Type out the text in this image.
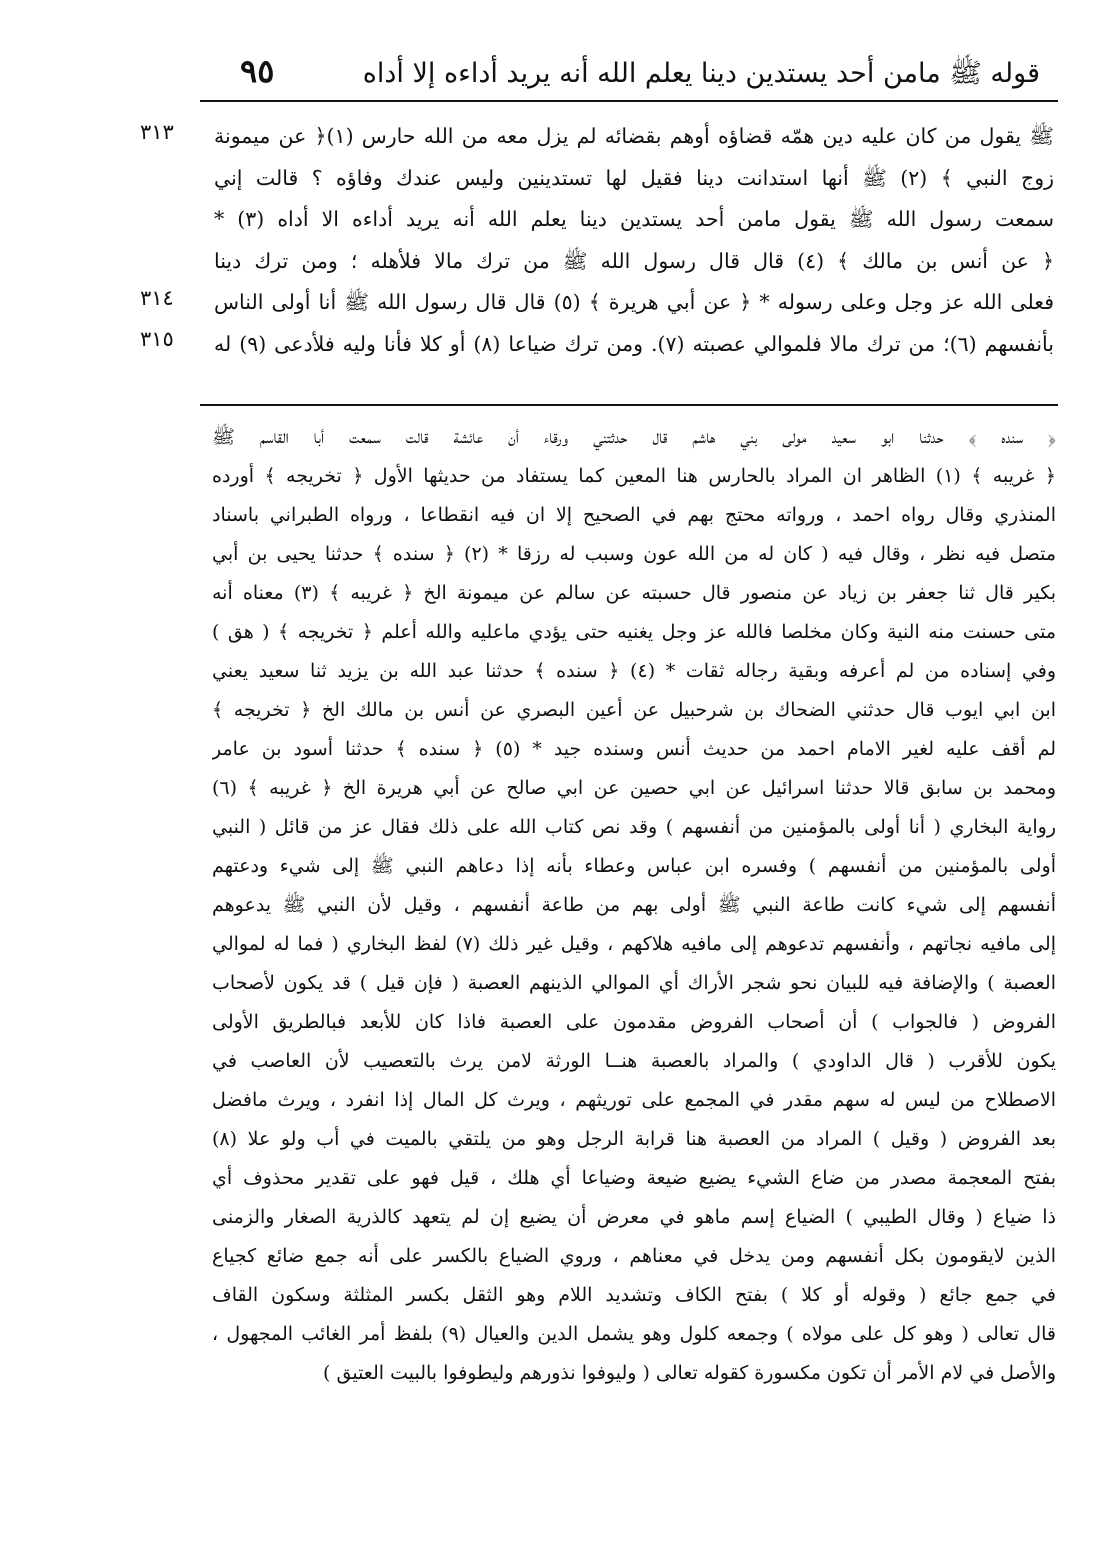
قوله ﷺ مامن أحد يستدين دينا يعلم الله أنه يريد أداءه إلا أداه
٩٥
٣١٣
٣١٤
٣١٥
ﷺ يقول من كان عليه دين همّه قضاؤه أوهم بقضائه لم يزل معه من الله حارس (١)﴿ عن ميمونة
زوج النبي ﴾ (٢) ﷺ أنها استدانت دينا فقيل لها تستدينين وليس عندك وفاؤه ؟ قالت إني
سمعت رسول الله ﷺ يقول مامن أحد يستدين دينا يعلم الله أنه يريد أداءه الا أداه (٣) *
﴿ عن أنس بن مالك ﴾ (٤) قال قال رسول الله ﷺ من ترك مالا فلأهله ؛ ومن ترك دينا
فعلى الله عز وجل وعلى رسوله * ﴿ عن أبي هريرة ﴾ (٥) قال قال رسول الله ﷺ أنا أولى الناس
بأنفسهم (٦)؛ من ترك مالا فلموالي عصبته (٧). ومن ترك ضياعا (٨) أو كلا فأنا وليه فلأدعى (٩) له
﴿ سنده ﴾ حدثنا ابو سعيد مولى بني هاشم قال حدثتني ورقاء أن عائشة قالت سمعت أبا القاسم ﷺ
﴿ غريبه ﴾ (١) الظاهر ان المراد بالحارس هنا المعين كما يستفاد من حديثها الأول ﴿ تخريجه ﴾ أورده
المنذري وقال رواه احمد ، ورواته محتج بهم في الصحيح إلا ان فيه انقطاعا ، ورواه الطبراني باسناد
متصل فيه نظر ، وقال فيه ( كان له من الله عون وسبب له رزقا * (٢) ﴿ سنده ﴾ حدثنا يحيى بن أبي
بكير قال ثنا جعفر بن زياد عن منصور قال حسبته عن سالم عن ميمونة الخ ﴿ غريبه ﴾ (٣) معناه أنه
متى حسنت منه النية وكان مخلصا فالله عز وجل يغنيه حتى يؤدي ماعليه والله أعلم ﴿ تخريجه ﴾ ( هق )
وفي إسناده من لم أعرفه وبقية رجاله ثقات * (٤) ﴿ سنده ﴾ حدثنا عبد الله بن يزيد ثنا سعيد يعني
ابن ابي ايوب قال حدثني الضحاك بن شرحبيل عن أعين البصري عن أنس بن مالك الخ ﴿ تخريجه ﴾
لم أقف عليه لغير الامام احمد من حديث أنس وسنده جيد * (٥) ﴿ سنده ﴾ حدثنا أسود بن عامر
ومحمد بن سابق قالا حدثنا اسرائيل عن ابي حصين عن ابي صالح عن أبي هريرة الخ ﴿ غريبه ﴾ (٦)
رواية البخاري ( أنا أولى بالمؤمنين من أنفسهم ) وقد نص كتاب الله على ذلك فقال عز من قائل ( النبي
أولى بالمؤمنين من أنفسهم ) وفسره ابن عباس وعطاء بأنه إذا دعاهم النبي ﷺ إلى شيء ودعتهم
أنفسهم إلى شيء كانت طاعة النبي ﷺ أولى بهم من طاعة أنفسهم ، وقيل لأن النبي ﷺ يدعوهم
إلى مافيه نجاتهم ، وأنفسهم تدعوهم إلى مافيه هلاكهم ، وقيل غير ذلك (٧) لفظ البخاري ( فما له لموالي
العصبة ) والإضافة فيه للبيان نحو شجر الأراك أي الموالي الذينهم العصبة ( فإن قيل ) قد يكون لأصحاب
الفروض ( فالجواب ) أن أصحاب الفروض مقدمون على العصبة فاذا كان للأبعد فبالطريق الأولى
يكون للأقرب ( قال الداودي ) والمراد بالعصبة هنــا الورثة لامن يرث بالتعصيب لأن العاصب في
الاصطلاح من ليس له سهم مقدر في المجمع على توريثهم ، ويرث كل المال إذا انفرد ، ويرث مافضل
بعد الفروض ( وقيل ) المراد من العصبة هنا قرابة الرجل وهو من يلتقي بالميت في أب ولو علا (٨)
بفتح المعجمة مصدر من ضاع الشيء يضيع ضيعة وضياعا أي هلك ، قيل فهو على تقدير محذوف أي
ذا ضياع ( وقال الطيبي ) الضياع إسم ماهو في معرض أن يضيع إن لم يتعهد كالذرية الصغار والزمنى
الذين لايقومون بكل أنفسهم ومن يدخل في معناهم ، وروي الضياع بالكسر على أنه جمع ضائع كجياع
في جمع جائع ( وقوله أو كلا ) بفتح الكاف وتشديد اللام وهو الثقل بكسر المثلثة وسكون القاف
قال تعالى ( وهو كل على مولاه ) وجمعه كلول وهو يشمل الدين والعيال (٩) بلفظ أمر الغائب المجهول ،
والأصل في لام الأمر أن تكون مكسورة كقوله تعالى ( وليوفوا نذورهم وليطوفوا بالبيت العتيق )
